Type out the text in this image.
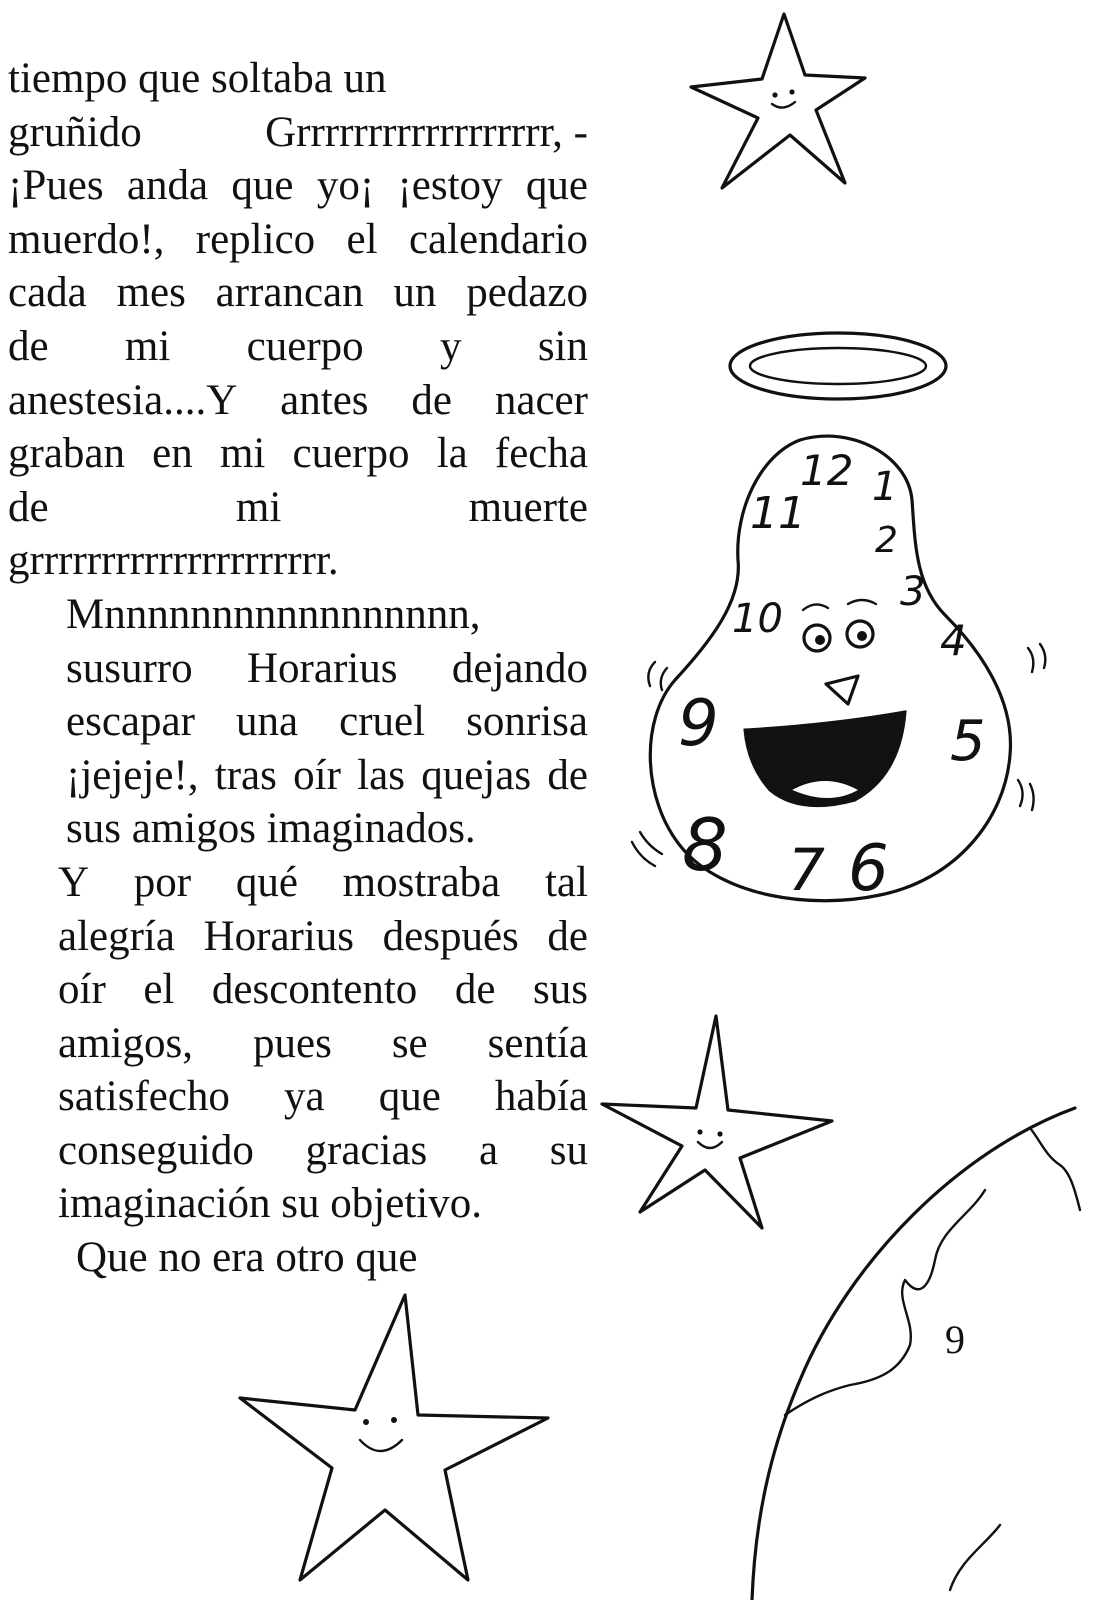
tiempo que soltaba un
gruñido	Grrrrrrrrrrrrrrrrrr, -
¡Pues anda que yo¡ ¡estoy que
muerdo!, replico el calendario
cada mes arrancan un pedazo
de mi cuerpo y sin
anestesia....Y antes de nacer
graban en mi cuerpo la fecha
de	mi	muerte
grrrrrrrrrrrrrrrrrrrrr.
Mnnnnnnnnnnnnnnnnn,
susurro Horarius dejando
escapar una cruel sonrisa
¡jejeje!, tras oír las quejas de
sus amigos imaginados.
Y por qué mostraba tal
alegría Horarius después de
oír el descontento de sus
amigos, pues se sentía
satisfecho ya que había
conseguido gracias a su
imaginación su objetivo.
Que no era otro que
12 1
2
3
4
5
6
7
8
9
10
11
9
